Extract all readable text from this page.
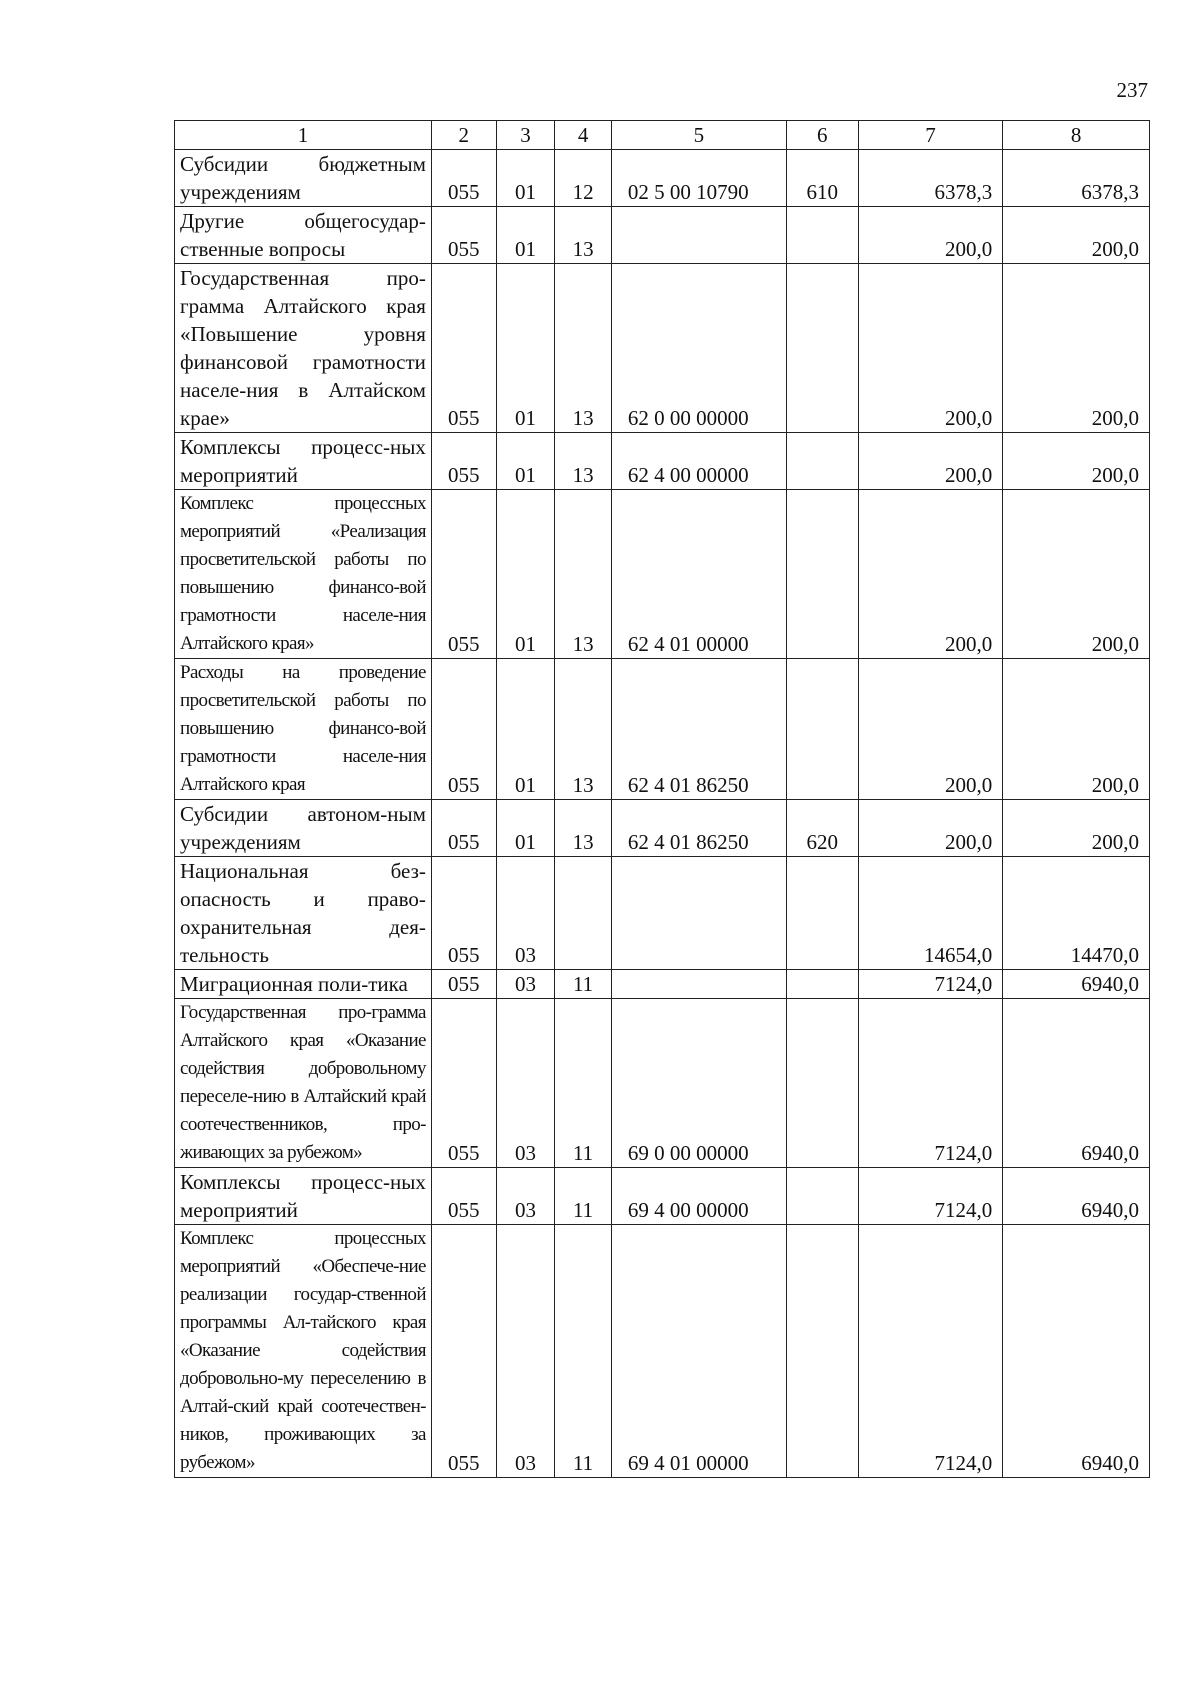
237
1	2	3	4	5	6	7	8
Субсидии бюджетным учреждениям	055	01	12	02 5 00 10790	610	6378,3	6378,3
Другие общегосудар-ственные вопросы	055	01	13			200,0	200,0
Государственная про-грамма Алтайского края «Повышение уровня финансовой грамотности населе-ния в Алтайском крае»	055	01	13	62 0 00 00000		200,0	200,0
Комплексы процесс-ных мероприятий	055	01	13	62 4 00 00000		200,0	200,0
Комплекс процессных мероприятий «Реализация просветительской работы по повышению финансо-вой грамотности населе-ния Алтайского края»	055	01	13	62 4 01 00000		200,0	200,0
Расходы на проведение просветительской работы по повышению финансо-вой грамотности населе-ния Алтайского края	055	01	13	62 4 01 86250		200,0	200,0
Субсидии автоном-ным учреждениям	055	01	13	62 4 01 86250	620	200,0	200,0
Национальная без-опасность и право-охранительная дея-тельность	055	03				14654,0	14470,0
Миграционная поли-тика	055	03	11			7124,0	6940,0
Государственная про-грамма Алтайского края «Оказание содействия добровольному переселе-нию в Алтайский край соотечественников, про-живающих за рубежом»	055	03	11	69 0 00 00000		7124,0	6940,0
Комплексы процесс-ных мероприятий	055	03	11	69 4 00 00000		7124,0	6940,0
Комплекс процессных мероприятий «Обеспече-ние реализации государ-ственной программы Ал-тайского края «Оказание содействия добровольно-му переселению в Алтай-ский край соотечествен-ников, проживающих за рубежом»	055	03	11	69 4 01 00000		7124,0	6940,0
